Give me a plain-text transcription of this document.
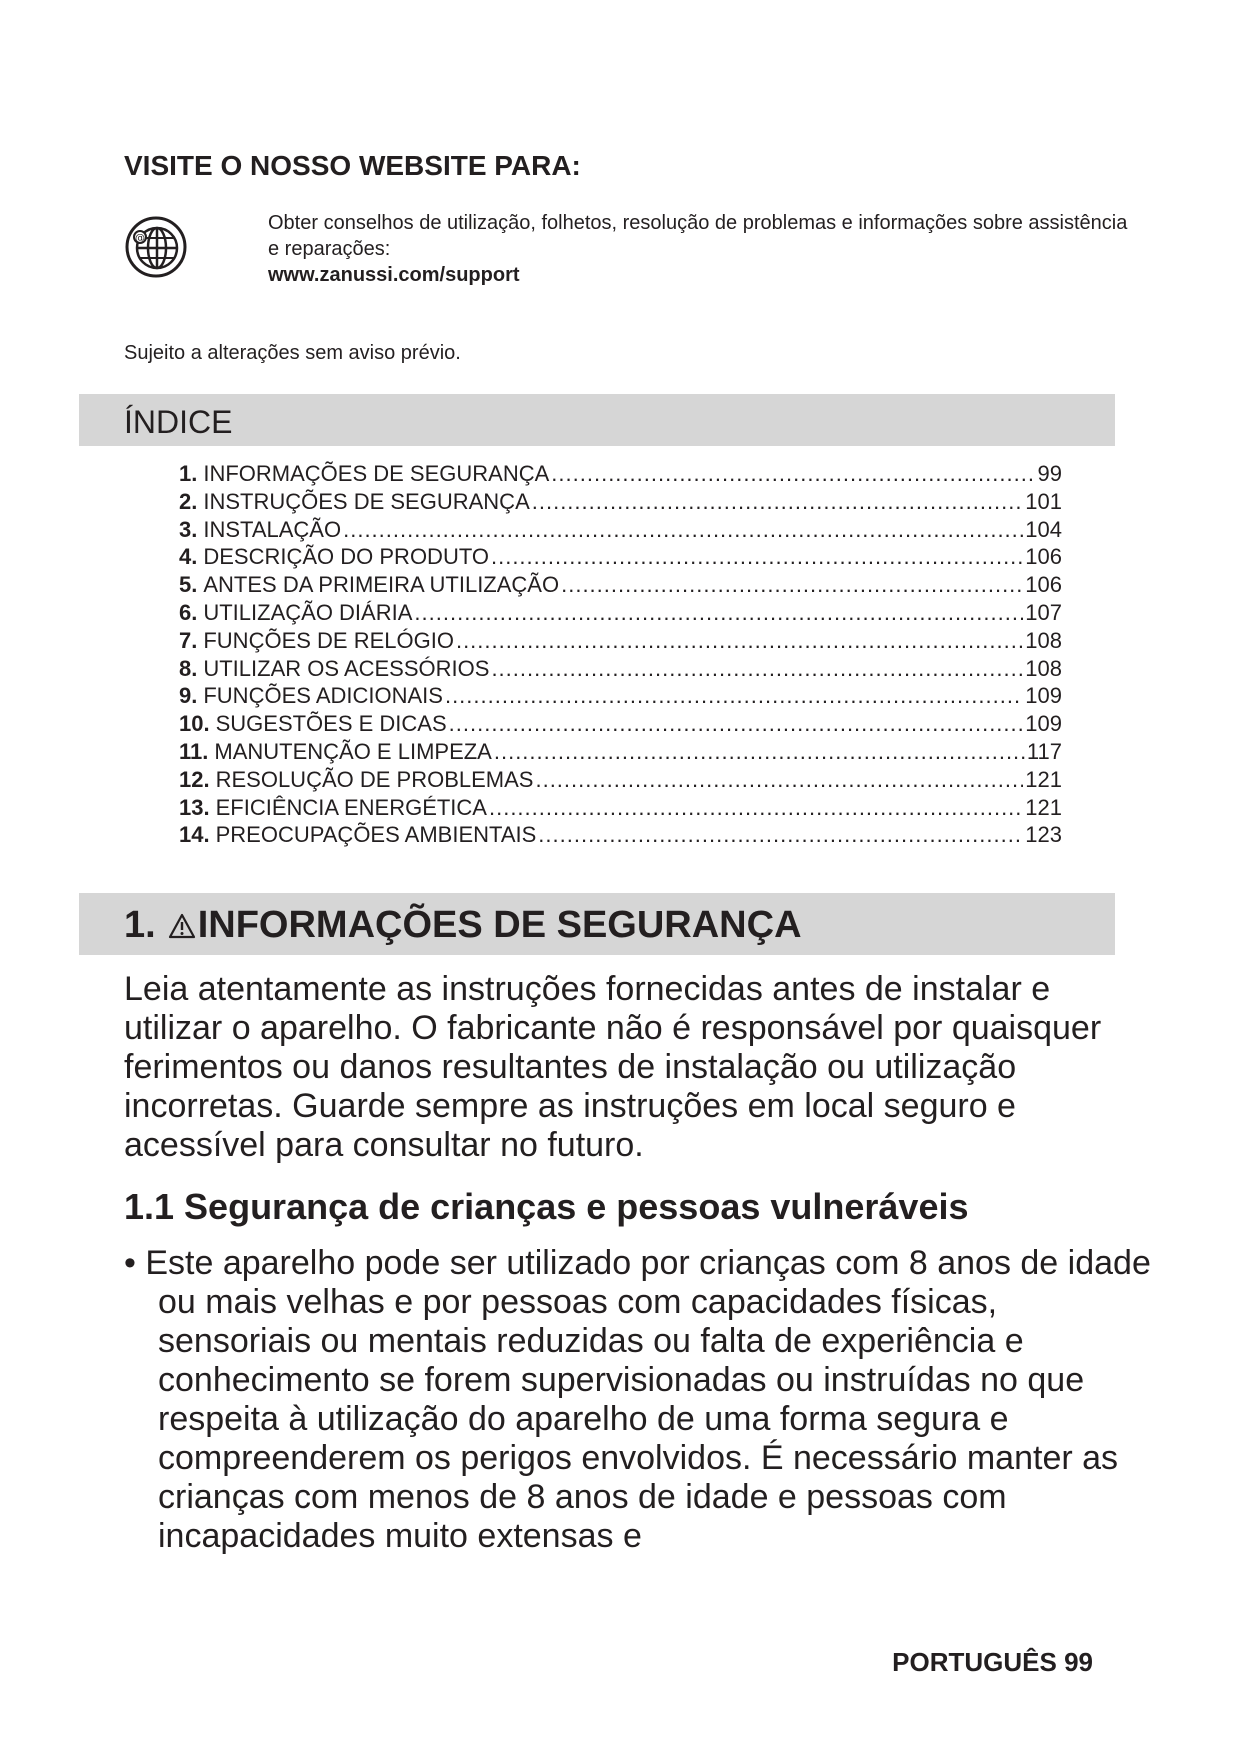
VISITE O NOSSO WEBSITE PARA:
@
Obter conselhos de utilização, folhetos, resolução de problemas e informações sobre assistência e reparações:
www.zanussi.com/support
Sujeito a alterações sem aviso prévio.
ÍNDICE
1. INFORMAÇÕES DE SEGURANÇA .....	99
2. INSTRUÇÕES DE SEGURANÇA .....	101
3. INSTALAÇÃO .....	104
4. DESCRIÇÃO DO PRODUTO .....	106
5. ANTES DA PRIMEIRA UTILIZAÇÃO .....	106
6. UTILIZAÇÃO DIÁRIA .....	107
7. FUNÇÕES DE RELÓGIO .....	108
8. UTILIZAR OS ACESSÓRIOS .....	108
9. FUNÇÕES ADICIONAIS .....	109
10. SUGESTÕES E DICAS .....	109
11. MANUTENÇÃO E LIMPEZA .....	117
12. RESOLUÇÃO DE PROBLEMAS .....	121
13. EFICIÊNCIA ENERGÉTICA .....	121
14. PREOCUPAÇÕES AMBIENTAIS .....	123
1. INFORMAÇÕES DE SEGURANÇA

Leia atentamente as instruções fornecidas antes de instalar e utilizar o aparelho. O fabricante não é responsável por quaisquer ferimentos ou danos resultantes de instalação ou utilização incorretas. Guarde sempre as instruções em local seguro e acessível para consultar no futuro.

1.1 Segurança de crianças e pessoas vulneráveis

• Este aparelho pode ser utilizado por crianças com 8 anos de idade ou mais velhas e por pessoas com capacidades físicas, sensoriais ou mentais reduzidas ou falta de experiência e conhecimento se forem supervisionadas ou instruídas no que respeita à utilização do aparelho de uma forma segura e compreenderem os perigos envolvidos. É necessário manter as crianças com menos de 8 anos de idade e pessoas com incapacidades muito extensas e

PORTUGUÊS 99
